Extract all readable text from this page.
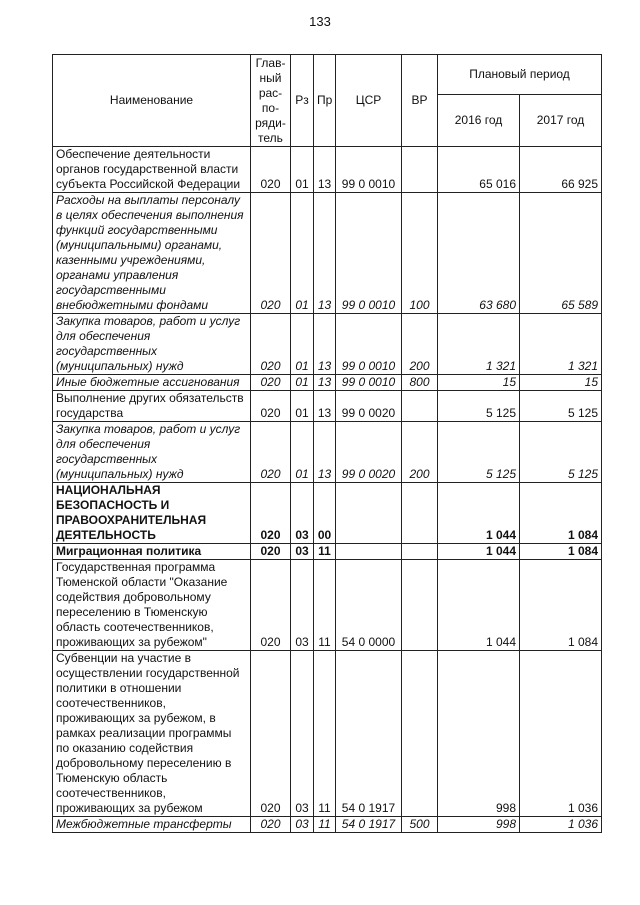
133
Наименование	Глав-ный рас-по-ряди-тель	Рз	Пр	ЦСР	ВР	Плановый период	
						2016 год	2017 год
Обеспечение деятельности органов государственной власти субъекта Российской Федерации	020	01	13	99 0 0010		65 016	66 925
Расходы на выплаты персоналу в целях обеспечения выполнения функций государственными (муниципальными) органами, казенными учреждениями, органами управления государственными внебюджетными фондами	020	01	13	99 0 0010	100	63 680	65 589
Закупка товаров, работ и услуг для обеспечения государственных (муниципальных) нужд	020	01	13	99 0 0010	200	1 321	1 321
Иные бюджетные ассигнования	020	01	13	99 0 0010	800	15	15
Выполнение других обязательств государства	020	01	13	99 0 0020		5 125	5 125
Закупка товаров, работ и услуг для обеспечения государственных (муниципальных) нужд	020	01	13	99 0 0020	200	5 125	5 125
НАЦИОНАЛЬНАЯ БЕЗОПАСНОСТЬ И ПРАВООХРАНИТЕЛЬНАЯ ДЕЯТЕЛЬНОСТЬ	020	03	00			1 044	1 084
Миграционная политика	020	03	11			1 044	1 084
Государственная программа Тюменской области "Оказание содействия добровольному переселению в Тюменскую область соотечественников, проживающих за рубежом"	020	03	11	54 0 0000		1 044	1 084
Субвенции на участие в осуществлении государственной политики в отношении соотечественников, проживающих за рубежом, в рамках реализации программы по оказанию содействия добровольному переселению в Тюменскую область соотечественников, проживающих за рубежом	020	03	11	54 0 1917		998	1 036
Межбюджетные трансферты	020	03	11	54 0 1917	500	998	1 036
